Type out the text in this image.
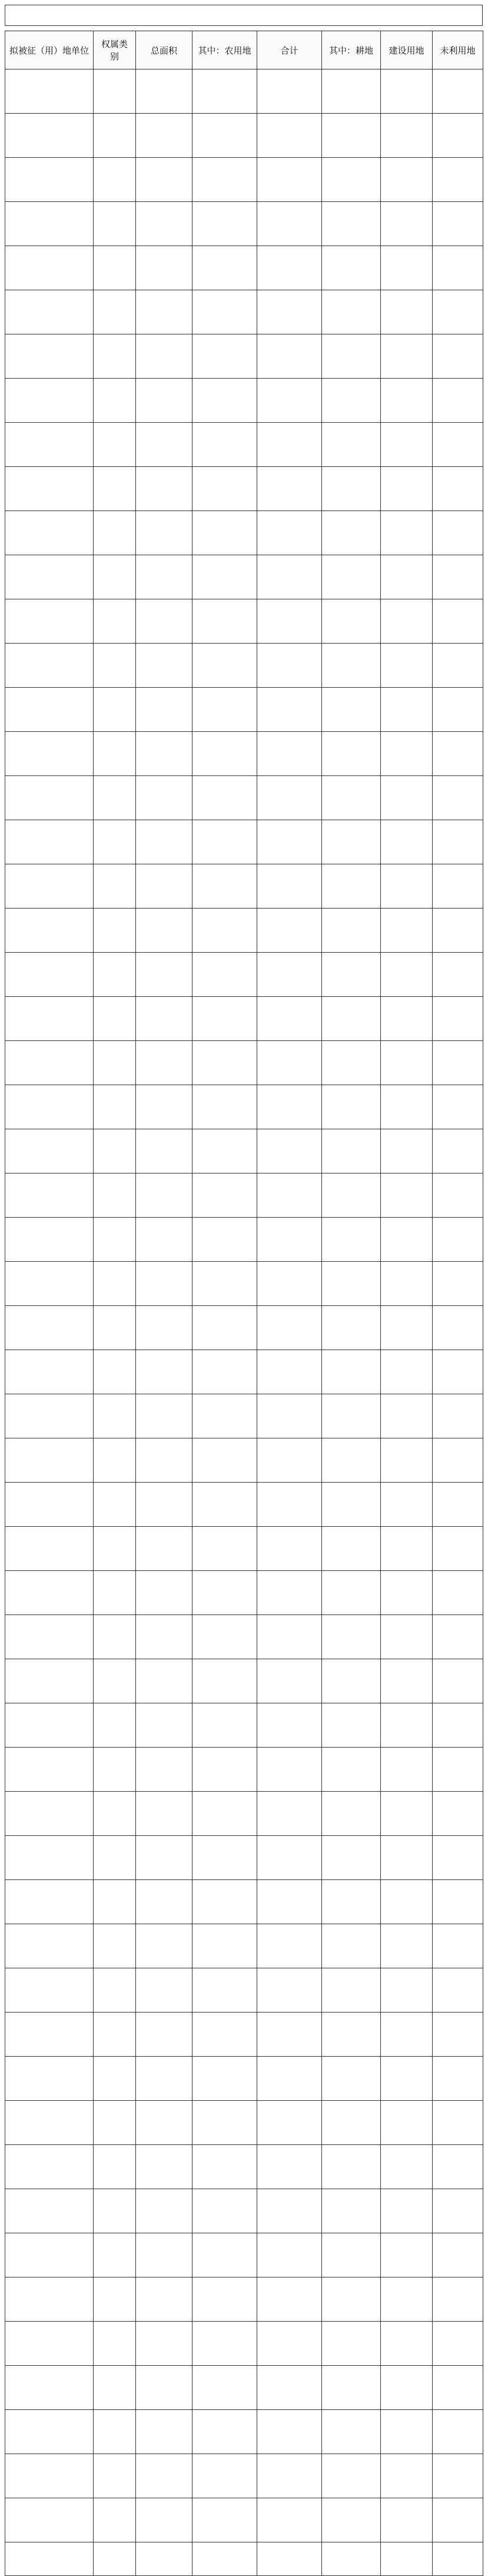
拟被征（用）地单位	权属类别	总面积	其中：农用地	合计	其中：耕地	建设用地	未利用地
